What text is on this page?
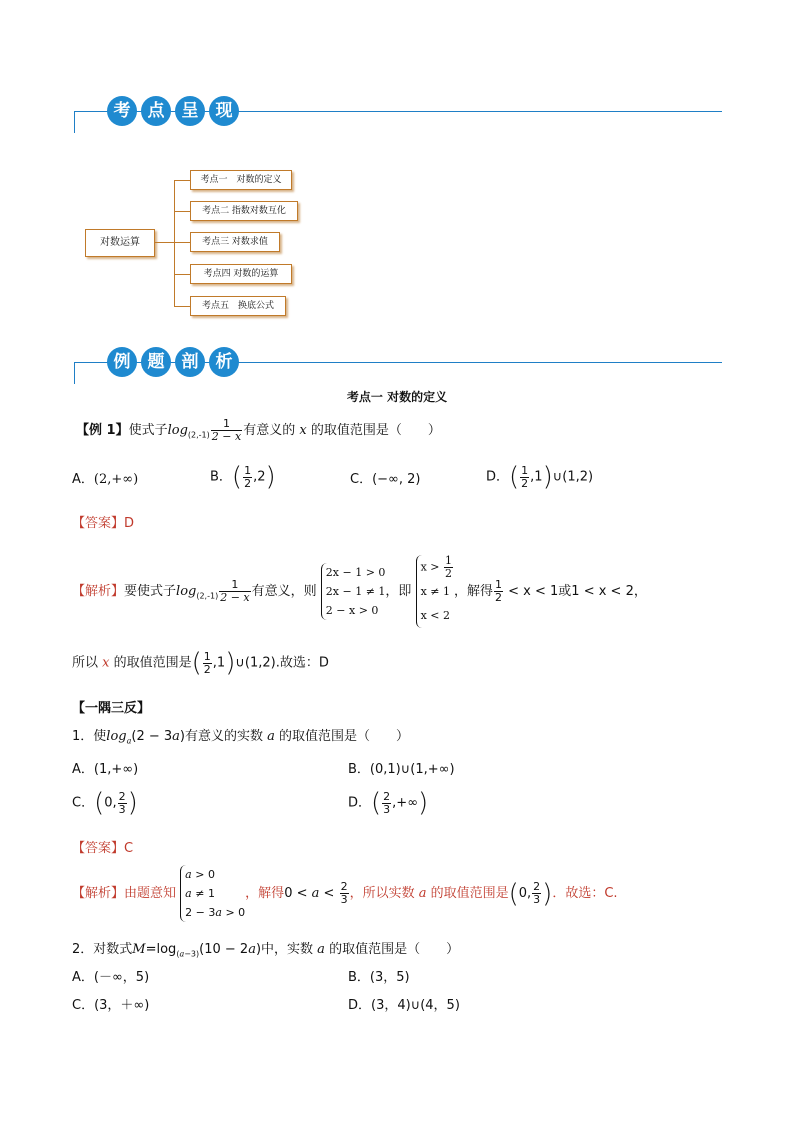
考	点	呈	现
对数运算
考点一　对数的定义
考点二 指数对数互化
考点三 对数求值
考点四 对数的运算
考点五　换底公式
例	题	剖	析
考点一 对数的定义
【例 1】使式子$\log_{(2,-1)} \frac{1}{2 - x}$ 有意义的 x 的取值范围是（　　）
A．(2,+∞)	B．( $\frac{1}{2} ,2$)	C．(−∞, 2)	D．( $\frac{1}{2}$ ,1)∪(1,2)
【答案】D
【解析】要使式子$\log_{(2,-1)} \frac{1}{2 - x}$ 有意义，则 2x − 1 > 0
2x − 1 ≠ 1
2 − x > 0，即 $x > \frac{1}{2}$

x ≠ 1
x < 2，解得 $\frac{1}{2} < x < 1$或1 < x < 2，
所以 x 的取值范围是( $\frac{1}{2}$ ,1)∪(1,2).故选：D
【一隅三反】
1．使$\log_a(2 - 3a)$有意义的实数 a 的取值范围是（　　）
A．(1,+∞)	B．(0,1)∪(1,+∞)
C．(0, $\frac{2}{3}$ )	D．( $\frac{2}{3}$ ,+∞)
【答案】C
【解析】由题意知 a > 0
a ≠ 1
2 − 3a > 0，解得$0 < a < \frac{2}{3}$ ，所以实数 a 的取值范围是(0, $\frac{2}{3}$ )．故选：C.
2．对数式$M=\log_{(a-3)}(10 - 2a)$中，实数 a 的取值范围是（　　）
A．(－∞，5)	B．(3，5)
C．(3，＋∞)	D．(3，4)∪(4，5)
